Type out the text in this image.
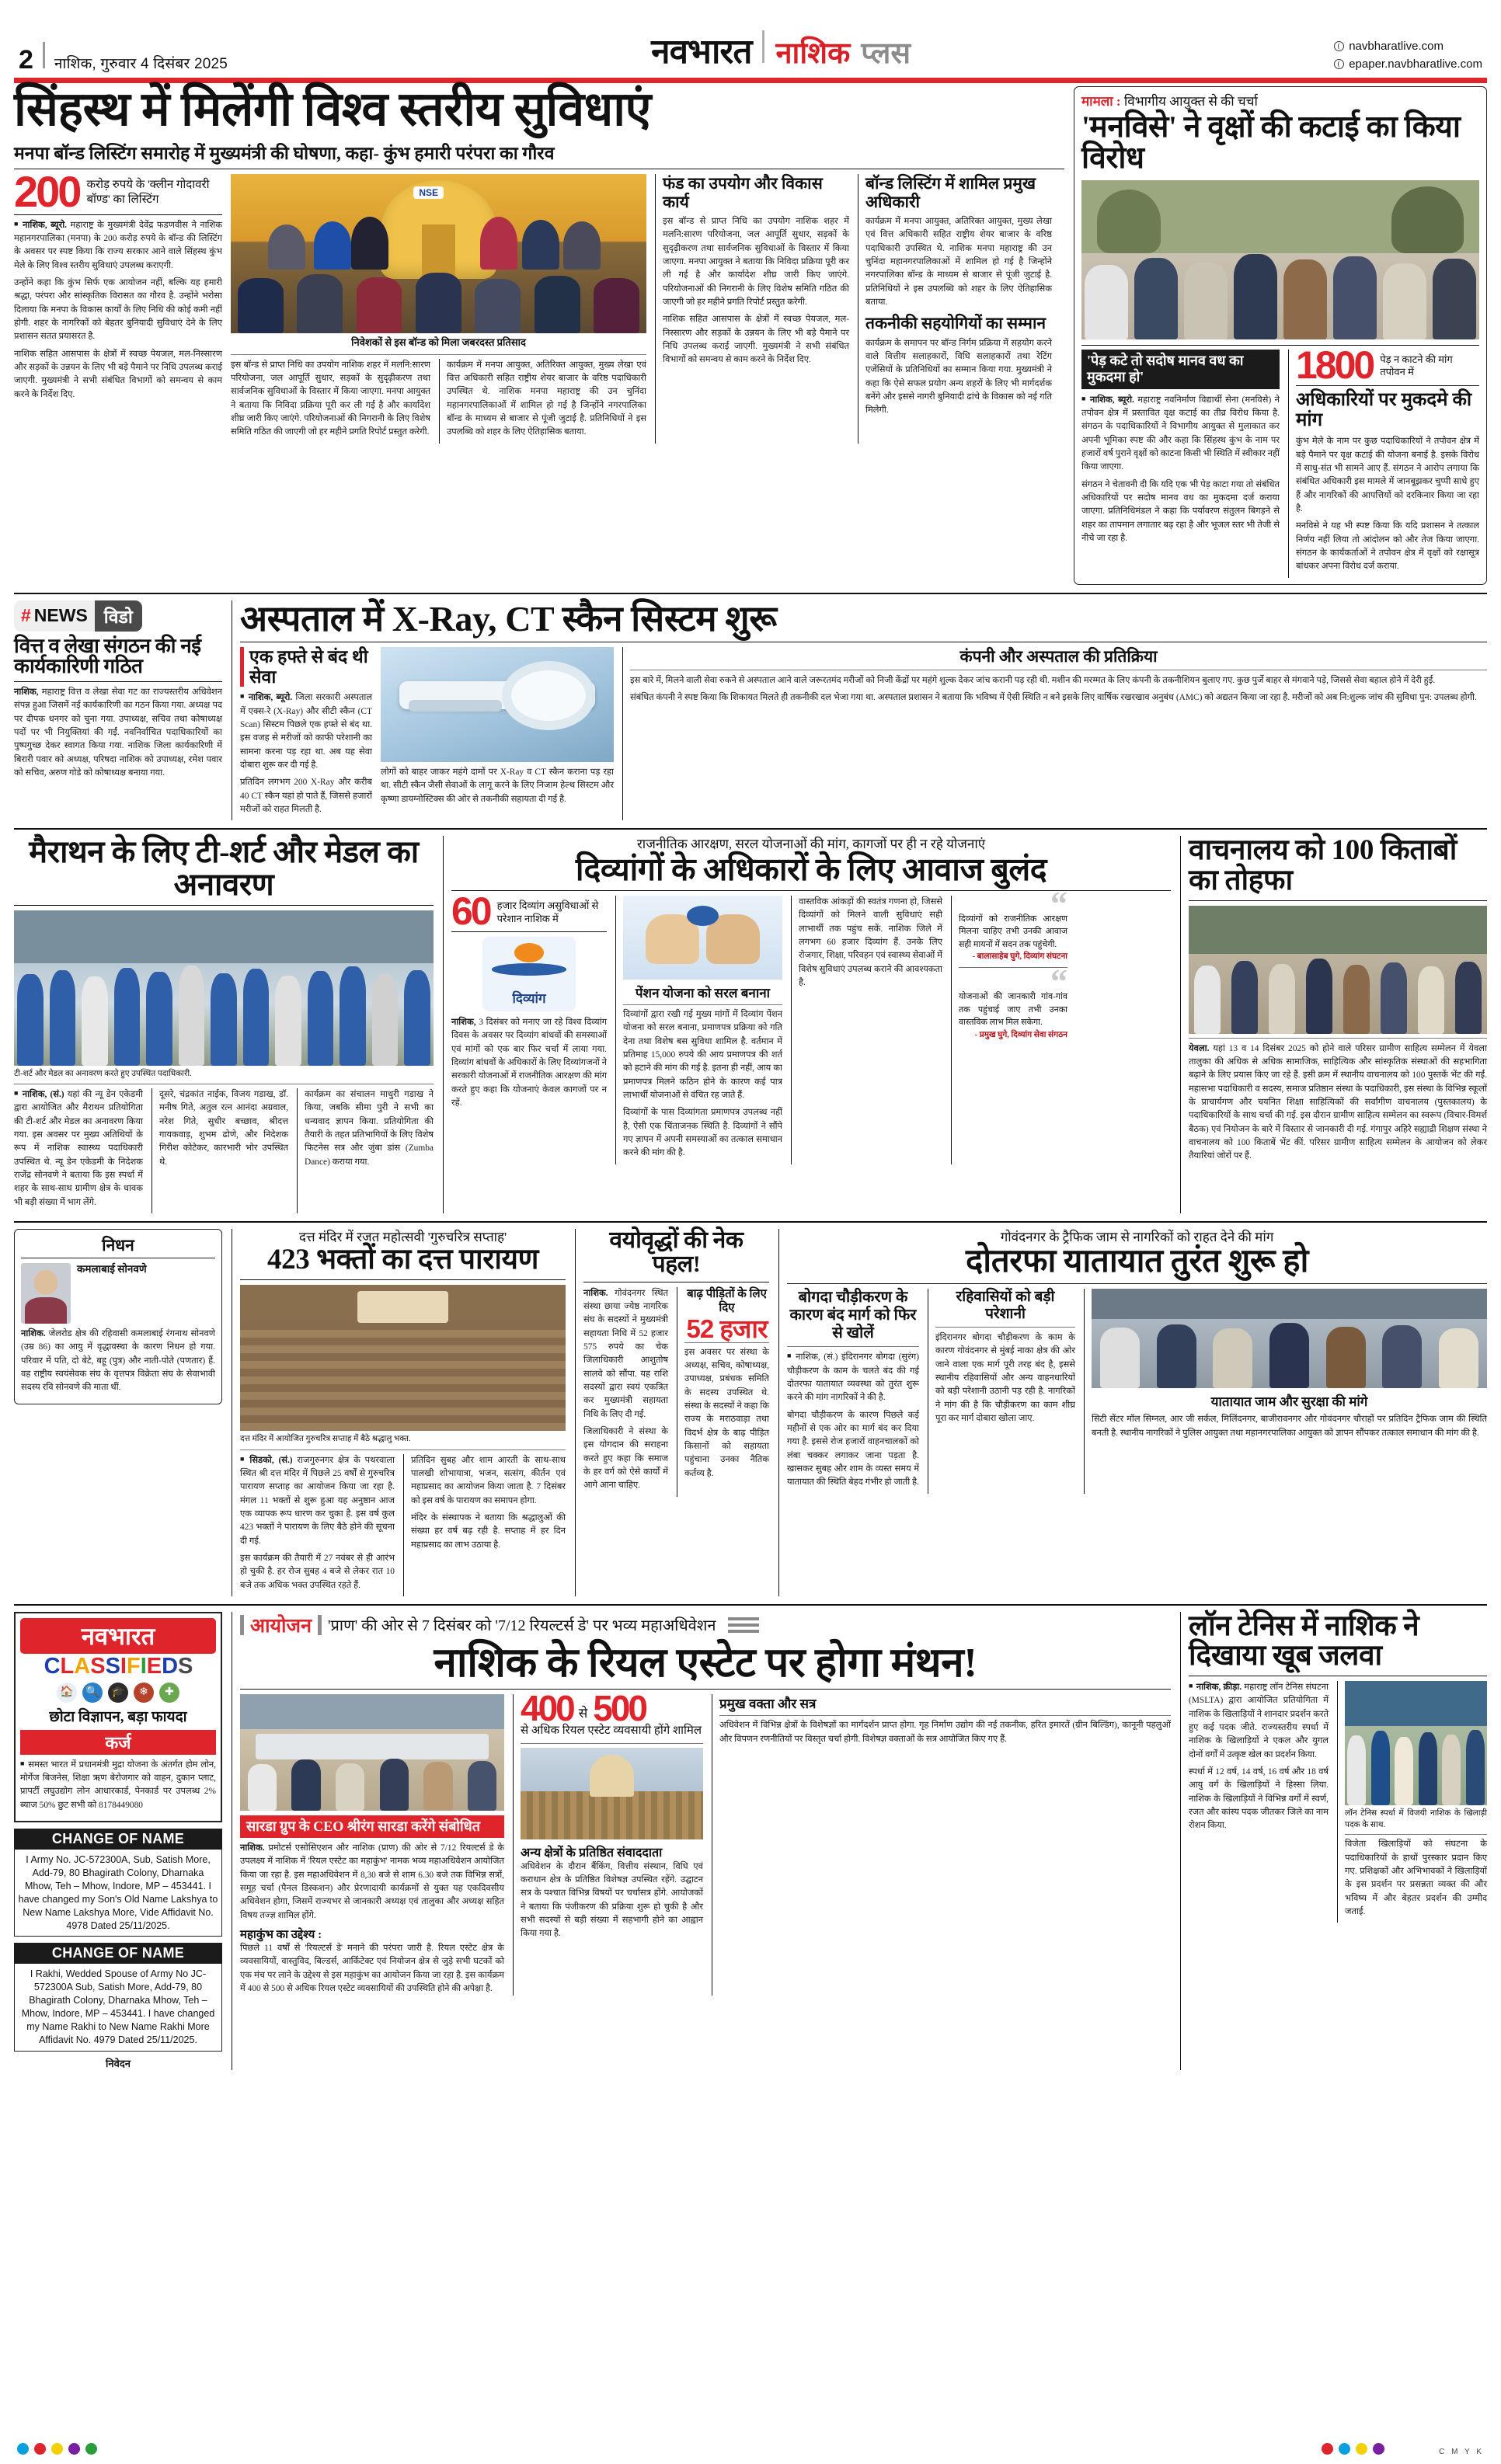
2 नाशिक, गुरुवार 4 दिसंबर 2025	नवभारत नाशिक प्लस	navbharatlive.com
epaper.navbharatlive.com
सिंहस्थ में मिलेंगी विश्व स्तरीय सुविधाएं
मनपा बॉन्ड लिस्टिंग समारोह में मुख्यमंत्री की घोषणा, कहा- कुंभ हमारी परंपरा का गौरव
200 करोड़ रुपये के 'क्लीन गोदावरी बॉण्ड' का लिस्टिंग

■ नाशिक, ब्यूरो. महाराष्ट्र के मुख्यमंत्री देवेंद्र फडणवीस ने नाशिक महानगरपालिका (मनपा) के 200 करोड़ रुपये के बॉन्ड की लिस्टिंग के अवसर पर स्पष्ट किया कि राज्य सरकार आने वाले सिंहस्थ कुंभ मेले के लिए विश्व स्तरीय सुविधाएं उपलब्ध कराएगी.

उन्होंने कहा कि कुंभ सिर्फ एक आयोजन नहीं, बल्कि यह हमारी श्रद्धा, परंपरा और सांस्कृतिक विरासत का गौरव है. उन्होंने भरोसा दिलाया कि मनपा के विकास कार्यों के लिए निधि की कोई कमी नहीं होगी. शहर के नागरिकों को बेहतर बुनियादी सुविधाएं देने के लिए प्रशासन सतत प्रयासरत है.

नाशिक सहित आसपास के क्षेत्रों में स्वच्छ पेयजल, मल-निस्सारण और सड़कों के उन्नयन के लिए भी बड़े पैमाने पर निधि उपलब्ध कराई जाएगी. मुख्यमंत्री ने सभी संबंधित विभागों को समन्वय से काम करने के निर्देश दिए.

NSE
निवेशकों से इस बॉन्ड को मिला जबरदस्त प्रतिसाद

इस बॉन्ड से प्राप्त निधि का उपयोग नाशिक शहर में मलनि:सारण परियोजना, जल आपूर्ति सुधार, सड़कों के सुदृढ़ीकरण तथा सार्वजनिक सुविधाओं के विस्तार में किया जाएगा. मनपा आयुक्त ने बताया कि निविदा प्रक्रिया पूरी कर ली गई है और कार्यादेश शीघ्र जारी किए जाएंगे. परियोजनाओं की निगरानी के लिए विशेष समिति गठित की जाएगी जो हर महीने प्रगति रिपोर्ट प्रस्तुत करेगी.

कार्यक्रम में मनपा आयुक्त, अतिरिक्त आयुक्त, मुख्य लेखा एवं वित्त अधिकारी सहित राष्ट्रीय शेयर बाजार के वरिष्ठ पदाधिकारी उपस्थित थे. नाशिक मनपा महाराष्ट्र की उन चुनिंदा महानगरपालिकाओं में शामिल हो गई है जिन्होंने नगरपालिका बॉन्ड के माध्यम से बाजार से पूंजी जुटाई है. प्रतिनिधियों ने इस उपलब्धि को शहर के लिए ऐतिहासिक बताया.

फंड का उपयोग और विकास कार्य

इस बॉन्ड से प्राप्त निधि का उपयोग नाशिक शहर में मलनि:सारण परियोजना, जल आपूर्ति सुधार, सड़कों के सुदृढ़ीकरण तथा सार्वजनिक सुविधाओं के विस्तार में किया जाएगा. मनपा आयुक्त ने बताया कि निविदा प्रक्रिया पूरी कर ली गई है और कार्यादेश शीघ्र जारी किए जाएंगे. परियोजनाओं की निगरानी के लिए विशेष समिति गठित की जाएगी जो हर महीने प्रगति रिपोर्ट प्रस्तुत करेगी.

नाशिक सहित आसपास के क्षेत्रों में स्वच्छ पेयजल, मल-निस्सारण और सड़कों के उन्नयन के लिए भी बड़े पैमाने पर निधि उपलब्ध कराई जाएगी. मुख्यमंत्री ने सभी संबंधित विभागों को समन्वय से काम करने के निर्देश दिए.

बॉन्ड लिस्टिंग में शामिल प्रमुख अधिकारी

कार्यक्रम में मनपा आयुक्त, अतिरिक्त आयुक्त, मुख्य लेखा एवं वित्त अधिकारी सहित राष्ट्रीय शेयर बाजार के वरिष्ठ पदाधिकारी उपस्थित थे. नाशिक मनपा महाराष्ट्र की उन चुनिंदा महानगरपालिकाओं में शामिल हो गई है जिन्होंने नगरपालिका बॉन्ड के माध्यम से बाजार से पूंजी जुटाई है. प्रतिनिधियों ने इस उपलब्धि को शहर के लिए ऐतिहासिक बताया.

तकनीकी सहयोगियों का सम्मान

कार्यक्रम के समापन पर बॉन्ड निर्गम प्रक्रिया में सहयोग करने वाले वित्तीय सलाहकारों, विधि सलाहकारों तथा रेटिंग एजेंसियों के प्रतिनिधियों का सम्मान किया गया. मुख्यमंत्री ने कहा कि ऐसे सफल प्रयोग अन्य शहरों के लिए भी मार्गदर्शक बनेंगे और इससे नागरी बुनियादी ढांचे के विकास को नई गति मिलेगी.

मामला : विभागीय आयुक्त से की चर्चा
'मनविसे' ने वृक्षों की कटाई का किया विरोध
'पेड़ कटे तो सदोष मानव वध का मुकदमा हो'

■ नाशिक, ब्यूरो. महाराष्ट्र नवनिर्माण विद्यार्थी सेना (मनविसे) ने तपोवन क्षेत्र में प्रस्तावित वृक्ष कटाई का तीव्र विरोध किया है. संगठन के पदाधिकारियों ने विभागीय आयुक्त से मुलाकात कर अपनी भूमिका स्पष्ट की और कहा कि सिंहस्थ कुंभ के नाम पर हजारों वर्ष पुराने वृक्षों को काटना किसी भी स्थिति में स्वीकार नहीं किया जाएगा.

संगठन ने चेतावनी दी कि यदि एक भी पेड़ काटा गया तो संबंधित अधिकारियों पर सदोष मानव वध का मुकदमा दर्ज कराया जाएगा. प्रतिनिधिमंडल ने कहा कि पर्यावरण संतुलन बिगड़ने से शहर का तापमान लगातार बढ़ रहा है और भूजल स्तर भी तेजी से नीचे जा रहा है.

1800 पेड़ न काटने की मांग तपोवन में
अधिकारियों पर मुकदमे की मांग

कुंभ मेले के नाम पर कुछ पदाधिकारियों ने तपोवन क्षेत्र में बड़े पैमाने पर वृक्ष कटाई की योजना बनाई है. इसके विरोध में साधु-संत भी सामने आए हैं. संगठन ने आरोप लगाया कि संबंधित अधिकारी इस मामले में जानबूझकर चुप्पी साधे हुए हैं और नागरिकों की आपत्तियों को दरकिनार किया जा रहा है.

मनविसे ने यह भी स्पष्ट किया कि यदि प्रशासन ने तत्काल निर्णय नहीं लिया तो आंदोलन को और तेज किया जाएगा. संगठन के कार्यकर्ताओं ने तपोवन क्षेत्र में वृक्षों को रक्षासूत्र बांधकर अपना विरोध दर्ज कराया.

# NEWS विडो
वित्त व लेखा संगठन की नई कार्यकारिणी गठित

नाशिक, महाराष्ट्र वित्त व लेखा सेवा गट का राज्यस्तरीय अधिवेशन संपन्न हुआ जिसमें नई कार्यकारिणी का गठन किया गया. अध्यक्ष पद पर दीपक धनगर को चुना गया. उपाध्यक्ष, सचिव तथा कोषाध्यक्ष पदों पर भी नियुक्तियां की गईं. नवनिर्वाचित पदाधिकारियों का पुष्पगुच्छ देकर स्वागत किया गया. नाशिक जिला कार्यकारिणी में बिरारी पवार को अध्यक्ष, परिषदा नाशिक को उपाध्यक्ष, रमेश पवार को सचिव, अरुण गोडे को कोषाध्यक्ष बनाया गया.

अस्पताल में X-Ray, CT स्कैन सिस्टम शुरू
एक हफ्ते से बंद थी सेवा

■ नाशिक, ब्यूरो. जिला सरकारी अस्पताल में एक्स-रे (X-Ray) और सीटी स्कैन (CT Scan) सिस्टम पिछले एक हफ्ते से बंद था. इस वजह से मरीजों को काफी परेशानी का सामना करना पड़ रहा था. अब यह सेवा दोबारा शुरू कर दी गई है.

प्रतिदिन लगभग 200 X-Ray और करीब 40 CT स्कैन यहां हो पाते हैं, जिससे हजारों मरीजों को राहत मिलती है.

लोगों को बाहर जाकर महंगे दामों पर X-Ray व CT स्कैन कराना पड़ रहा था. सीटी स्कैन जैसी सेवाओं के लागू करने के लिए निजाम हेल्थ सिस्टम और कृष्णा डायग्नोस्टिक्स की ओर से तकनीकी सहायता दी गई है.

कंपनी और अस्पताल की प्रतिक्रिया

इस बारे में, मिलने वाली सेवा रुकने से अस्पताल आने वाले जरूरतमंद मरीजों को निजी केंद्रों पर महंगे शुल्क देकर जांच करानी पड़ रही थी. मशीन की मरम्मत के लिए कंपनी के तकनीशियन बुलाए गए. कुछ पुर्जे बाहर से मंगवाने पड़े, जिससे सेवा बहाल होने में देरी हुई.

संबंधित कंपनी ने स्पष्ट किया कि शिकायत मिलते ही तकनीकी दल भेजा गया था. अस्पताल प्रशासन ने बताया कि भविष्य में ऐसी स्थिति न बने इसके लिए वार्षिक रखरखाव अनुबंध (AMC) को अद्यतन किया जा रहा है. मरीजों को अब नि:शुल्क जांच की सुविधा पुन: उपलब्ध होगी.

मैराथन के लिए टी-शर्ट और मेडल का अनावरण
टी-शर्ट और मेडल का अनावरण करते हुए उपस्थित पदाधिकारी.

■ नाशिक, (सं.) यहां की न्यू डेन एकेडमी द्वारा आयोजित और मैराथन प्रतियोगिता की टी-शर्ट और मेडल का अनावरण किया गया. इस अवसर पर मुख्य अतिथियों के रूप में नाशिक स्वास्थ्य पदाधिकारी उपस्थित थे. न्यू डेन एकेडमी के निदेशक राजेंद्र सोनवणे ने बताया कि इस स्पर्धा में शहर के साथ-साथ ग्रामीण क्षेत्र के धावक भी बड़ी संख्या में भाग लेंगे.

दूसरे, चंद्रकांत नाईक, विजय गडाख, डॉ. मनीष गिते, अतुल रत्न आनंदा अग्रवाल, नरेश गिते, सुधीर बच्छाव, श्रीदत्त गायकवाड़, शुभम ढोणे, और निदेशक गिरीश कोटेकर, कारभारी भोर उपस्थित थे.

कार्यक्रम का संचालन माधुरी गडाख ने किया, जबकि सीमा पुरी ने सभी का धन्यवाद ज्ञापन किया. प्रतियोगिता की तैयारी के तहत प्रतिभागियों के लिए विशेष फिटनेस सत्र और जुंबा डांस (Zumba Dance) कराया गया.

राजनीतिक आरक्षण, सरल योजनाओं की मांग, कागजों पर ही न रहे योजनाएं
दिव्यांगों के अधिकारों के लिए आवाज बुलंद
60 हजार दिव्यांग असुविधाओं से परेशान नाशिक में
दिव्यांग

नाशिक, 3 दिसंबर को मनाए जा रहे विश्व दिव्यांग दिवस के अवसर पर दिव्यांग बांधवों की समस्याओं एवं मांगों को एक बार फिर चर्चा में लाया गया. दिव्यांग बांधवों के अधिकारों के लिए दिव्यांगजनों ने सरकारी योजनाओं में राजनीतिक आरक्षण की मांग करते हुए कहा कि योजनाएं केवल कागजों पर न रहें.

पेंशन योजना को सरल बनाना

दिव्यांगों द्वारा रखी गई मुख्य मांगों में दिव्यांग पेंशन योजना को सरल बनाना, प्रमाणपत्र प्रक्रिया को गति देना तथा विशेष बस सुविधा शामिल है. वर्तमान में प्रतिमाह 15,000 रुपये की आय प्रमाणपत्र की शर्त को हटाने की मांग की गई है. इतना ही नहीं, आय का प्रमाणपत्र मिलने कठिन होने के कारण कई पात्र लाभार्थी योजनाओं से वंचित रह जाते हैं.

दिव्यांगों के पास दिव्यांगता प्रमाणपत्र उपलब्ध नहीं है, ऐसी एक चिंताजनक स्थिति है. दिव्यांगों ने सौंपे गए ज्ञापन में अपनी समस्याओं का तत्काल समाधान करने की मांग की है.

वास्तविक आंकड़ों की स्वतंत्र गणना हो, जिससे दिव्यांगों को मिलने वाली सुविधाएं सही लाभार्थी तक पहुंच सकें. नाशिक जिले में लगभग 60 हजार दिव्यांग हैं. उनके लिए रोजगार, शिक्षा, परिवहन एवं स्वास्थ्य सेवाओं में विशेष सुविधाएं उपलब्ध कराने की आवश्यकता है.

“
दिव्यांगों को राजनीतिक आरक्षण मिलना चाहिए तभी उनकी आवाज सही मायनों में सदन तक पहुंचेगी.
- बालासाहेब घुगे, दिव्यांग संघटना
“
योजनाओं की जानकारी गांव-गांव तक पहुंचाई जाए तभी उनका वास्तविक लाभ मिल सकेगा.
- प्रमुख घुगे, दिव्यांग सेवा संगठन
वाचनालय को 100 किताबों का तोहफा

येवला. यहां 13 व 14 दिसंबर 2025 को होने वाले परिसर ग्रामीण साहित्य सम्मेलन में येवला तालुका की अधिक से अधिक सामाजिक, साहित्यिक और सांस्कृतिक संस्थाओं की सहभागिता बढ़ाने के लिए प्रयास किए जा रहे हैं. इसी क्रम में स्थानीय वाचनालय को 100 पुस्तकें भेंट की गईं. महासभा पदाधिकारी व सदस्य, समाज प्रतिष्ठान संस्था के पदाधिकारी, इस संस्था के विभिन्न स्कूलों के प्राचार्यगण और चयनित शिक्षा साहित्यिकों की सर्वांगीण वाचनालय (पुस्तकालय) के पदाधिकारियों के साथ चर्चा की गई. इस दौरान ग्रामीण साहित्य सम्मेलन का स्वरूप (विचार-विमर्श बैठक) एवं नियोजन के बारे में विस्तार से जानकारी दी गई. गंगापुर अहिरे सह्याद्री शिक्षण संस्था ने वाचनालय को 100 किताबें भेंट कीं. परिसर ग्रामीण साहित्य सम्मेलन के आयोजन को लेकर तैयारियां जोरों पर हैं.

निधन
कमलाबाई सोनवणे

नाशिक. जेलरोड क्षेत्र की रहिवासी कमलाबाई रंगनाथ सोनवणे (उम्र 86) का आयु में वृद्धावस्था के कारण निधन हो गया. परिवार में पति, दो बेटे, बहू (पुत्र) और नाती-पोते (पणतार) हैं. वह राष्ट्रीय स्वयंसेवक संघ के वृत्तपत्र विक्रेता संघ के सेवाभावी सदस्य रवि सोनवणे की माता थीं.

दत्त मंदिर में रजत महोत्सवी 'गुरुचरित्र सप्ताह'
423 भक्तों का दत्त पारायण
दत्त मंदिर में आयोजित गुरुचरित्र सप्ताह में बैठे श्रद्धालु भक्त.

■ सिडको, (सं.) राजगुरुनगर क्षेत्र के पथरवाला स्थित श्री दत्त मंदिर में पिछले 25 वर्षों से गुरुचरित्र पारायण सप्ताह का आयोजन किया जा रहा है. मंगल 11 भक्तों से शुरू हुआ यह अनुष्ठान आज एक व्यापक रूप धारण कर चुका है. इस वर्ष कुल 423 भक्तों ने पारायण के लिए बैठे होने की सूचना दी गई.

इस कार्यक्रम की तैयारी में 27 नवंबर से ही आरंभ हो चुकी है. हर रोज सुबह 4 बजे से लेकर रात 10 बजे तक अधिक भक्त उपस्थित रहते हैं.

प्रतिदिन सुबह और शाम आरती के साथ-साथ पालखी शोभायात्रा, भजन, सत्संग, कीर्तन एवं महाप्रसाद का आयोजन किया जाता है. 7 दिसंबर को इस वर्ष के पारायण का समापन होगा.

मंदिर के संस्थापक ने बताया कि श्रद्धालुओं की संख्या हर वर्ष बढ़ रही है. सप्ताह में हर दिन महाप्रसाद का लाभ उठाया है.

वयोवृद्धों की नेक पहल!

नाशिक. गोवंदनगर स्थित संस्था छाया ज्येष्ठ नागरिक संघ के सदस्यों ने मुख्यमंत्री सहायता निधि में 52 हजार 575 रुपये का चेक जिलाधिकारी आशुतोष सालवे को सौंपा. यह राशि सदस्यों द्वारा स्वयं एकत्रित कर मुख्यमंत्री सहायता निधि के लिए दी गई.

जिलाधिकारी ने संस्था के इस योगदान की सराहना करते हुए कहा कि समाज के हर वर्ग को ऐसे कार्यों में आगे आना चाहिए.

बाढ़ पीड़ितों के लिए दिए
52 हजार

इस अवसर पर संस्था के अध्यक्ष, सचिव, कोषाध्यक्ष, उपाध्यक्ष, प्रबंधक समिति के सदस्य उपस्थित थे. संस्था के सदस्यों ने कहा कि राज्य के मराठवाड़ा तथा विदर्भ क्षेत्र के बाढ़ पीड़ित किसानों को सहायता पहुंचाना उनका नैतिक कर्तव्य है.

गोवंदनगर के ट्रैफिक जाम से नागरिकों को राहत देने की मांग
दोतरफा यातायात तुरंत शुरू हो
बोगदा चौड़ीकरण के कारण बंद मार्ग को फिर से खोलें

■ नाशिक, (सं.) इंदिरानगर बोगदा (सुरंग) चौड़ीकरण के काम के चलते बंद की गई दोतरफा यातायात व्यवस्था को तुरंत शुरू करने की मांग नागरिकों ने की है.

बोगदा चौड़ीकरण के कारण पिछले कई महीनों से एक ओर का मार्ग बंद कर दिया गया है. इससे रोज हजारों वाहनचालकों को लंबा चक्कर लगाकर जाना पड़ता है. खासकर सुबह और शाम के व्यस्त समय में यातायात की स्थिति बेहद गंभीर हो जाती है.

रहिवासियों को बड़ी परेशानी

इंदिरानगर बोगदा चौड़ीकरण के काम के कारण गोवंदनगर से मुंबई नाका क्षेत्र की ओर जाने वाला एक मार्ग पूरी तरह बंद है, इससे स्थानीय रहिवासियों और अन्य वाहनधारियों को बड़ी परेशानी उठानी पड़ रही है. नागरिकों ने मांग की है कि चौड़ीकरण का काम शीघ्र पूरा कर मार्ग दोबारा खोला जाए.

यातायात जाम और सुरक्षा की मांगे

सिटी सेंटर मॉल सिग्नल, आर जी सर्कल, मिलिंदनगर, बाजीरावनगर और गोवंदनगर चौराहों पर प्रतिदिन ट्रैफिक जाम की स्थिति बनती है. स्थानीय नागरिकों ने पुलिस आयुक्त तथा महानगरपालिका आयुक्त को ज्ञापन सौंपकर तत्काल समाधान की मांग की है.

नवभारत
C L A S S I F I E D S
🏠	🔍	🎓	❄	✚
छोटा विज्ञापन, बड़ा फायदा
कर्ज

■ समस्त भारत में प्रधानमंत्री मुद्रा योजना के अंतर्गत होम लोन, मोर्गेज बिजनेस, शिक्षा ऋण बेरोजगार को वाहन, दुकान प्लाट, प्रापर्टी लघुउद्योग लोन आधारकार्ड, पेनकार्ड पर उपलब्ध 2% ब्याज 50% छुट सभी को 8178449080

CHANGE OF NAME
I Army No. JC-572300A, Sub, Satish More, Add-79, 80 Bhagirath Colony, Dharnaka Mhow, Teh – Mhow, Indore, MP – 453441. I have changed my Son's Old Name Lakshya to New Name Lakshya More, Vide Affidavit No. 4978 Dated 25/11/2025.
CHANGE OF NAME
I Rakhi, Wedded Spouse of Army No JC-572300A Sub, Satish More, Add-79, 80 Bhagirath Colony, Dharnaka Mhow, Teh – Mhow, Indore, MP – 453441. I have changed my Name Rakhi to New Name Rakhi More Affidavit No. 4979 Dated 25/11/2025.
निवेदन
आयोजन 'प्राण' की ओर से 7 दिसंबर को '7/12 रियल्टर्स डे' पर भव्य महाअधिवेशन
नाशिक के रियल एस्टेट पर होगा मंथन!
सारडा ग्रुप के CEO श्रीरंग सारडा करेंगे संबोधित

नाशिक. प्रमोटर्स एसोसिएशन और नाशिक (प्राण) की ओर से 7/12 रियल्टर्स डे के उपलक्ष्य में नाशिक में 'रियल एस्टेट का महाकुंभ' नामक भव्य महाअधिवेशन आयोजित किया जा रहा है. इस महाअधिवेशन में 8,30 बजे से शाम 6.30 बजे तक विभिन्न सत्रों, समूह चर्चा (पैनल डिस्कशन) और प्रेरणादायी कार्यक्रमों से युक्त यह एकदिवसीय अधिवेशन होगा, जिसमें राज्यभर से जानकारी अध्यक्ष एवं तालुका और अध्यक्ष सहित विषय तज्ज्ञ शामिल होंगे.

महाकुंभ का उद्देश्य :
पिछले 11 वर्षों से 'रियल्टर्स डे' मनाने की परंपरा जारी है. रियल एस्टेट क्षेत्र के व्यवसायियों, वास्तुविद, बिल्डर्स, आर्किटेक्ट एवं नियोजन क्षेत्र से जुड़े सभी घटकों को एक मंच पर लाने के उद्देश्य से इस महाकुंभ का आयोजन किया जा रहा है. इस कार्यक्रम में 400 से 500 से अधिक रियल एस्टेट व्यवसायियों की उपस्थिति होने की अपेक्षा है.
400 से 500
से अधिक रियल एस्टेट व्यवसायी होंगे शामिल
अन्य क्षेत्रों के प्रतिष्ठित संवाददाता
अधिवेशन के दौरान बैंकिंग, वित्तीय संस्थान, विधि एवं कराधान क्षेत्र के प्रतिष्ठित विशेषज्ञ उपस्थित रहेंगे. उद्घाटन सत्र के पश्चात विभिन्न विषयों पर चर्चासत्र होंगे. आयोजकों ने बताया कि पंजीकरण की प्रक्रिया शुरू हो चुकी है और सभी सदस्यों से बड़ी संख्या में सहभागी होने का आह्वान किया गया है.
प्रमुख वक्ता और सत्र
अधिवेशन में विभिन्न क्षेत्रों के विशेषज्ञों का मार्गदर्शन प्राप्त होगा. गृह निर्माण उद्योग की नई तकनीक, हरित इमारतें (ग्रीन बिल्डिंग), कानूनी पहलुओं और विपणन रणनीतियों पर विस्तृत चर्चा होगी. विशेषज्ञ वक्ताओं के सत्र आयोजित किए गए हैं.
लॉन टेनिस में नाशिक ने दिखाया खूब जलवा

■ नाशिक, क्रीड़ा. महाराष्ट्र लॉन टेनिस संघटना (MSLTA) द्वारा आयोजित प्रतियोगिता में नाशिक के खिलाड़ियों ने शानदार प्रदर्शन करते हुए कई पदक जीते. राज्यस्तरीय स्पर्धा में नाशिक के खिलाड़ियों ने एकल और युगल दोनों वर्गों में उत्कृष्ट खेल का प्रदर्शन किया.

स्पर्धा में 12 वर्ष, 14 वर्ष, 16 वर्ष और 18 वर्ष आयु वर्ग के खिलाड़ियों ने हिस्सा लिया. नाशिक के खिलाड़ियों ने विभिन्न वर्गों में स्वर्ण, रजत और कांस्य पदक जीतकर जिले का नाम रोशन किया.

लॉन टेनिस स्पर्धा में विजयी नाशिक के खिलाड़ी पदक के साथ.

विजेता खिलाड़ियों को संघटना के पदाधिकारियों के हाथों पुरस्कार प्रदान किए गए. प्रशिक्षकों और अभिभावकों ने खिलाड़ियों के इस प्रदर्शन पर प्रसन्नता व्यक्त की और भविष्य में और बेहतर प्रदर्शन की उम्मीद जताई.

C M Y K
